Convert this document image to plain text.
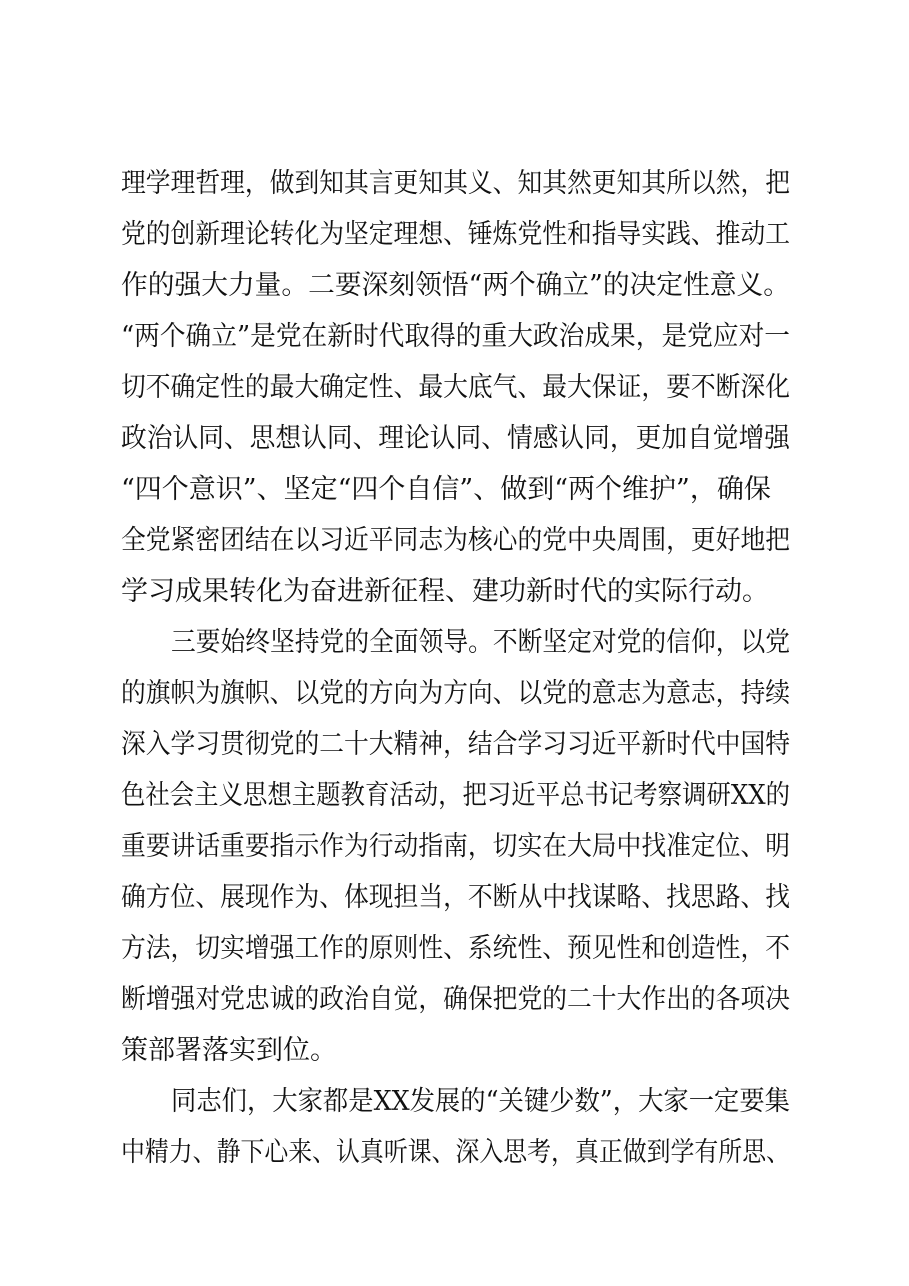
理学理哲理，做到知其言更知其义、知其然更知其所以然，把
党的创新理论转化为坚定理想、锤炼党性和指导实践、推动工
作的强大力量。二要深刻领悟“两个确立”的决定性意义。
“两个确立”是党在新时代取得的重大政治成果，是党应对一
切不确定性的最大确定性、最大底气、最大保证，要不断深化
政治认同、思想认同、理论认同、情感认同，更加自觉增强
“四个意识”、坚定“四个自信”、做到“两个维护”，确保
全党紧密团结在以习近平同志为核心的党中央周围，更好地把
学习成果转化为奋进新征程、建功新时代的实际行动。
三要始终坚持党的全面领导。不断坚定对党的信仰，以党
的旗帜为旗帜、以党的方向为方向、以党的意志为意志，持续
深入学习贯彻党的二十大精神，结合学习习近平新时代中国特
色社会主义思想主题教育活动，把习近平总书记考察调研XX的
重要讲话重要指示作为行动指南，切实在大局中找准定位、明
确方位、展现作为、体现担当，不断从中找谋略、找思路、找
方法，切实增强工作的原则性、系统性、预见性和创造性，不
断增强对党忠诚的政治自觉，确保把党的二十大作出的各项决
策部署落实到位。
同志们，大家都是XX发展的“关键少数”，大家一定要集
中精力、静下心来、认真听课、深入思考，真正做到学有所思、
